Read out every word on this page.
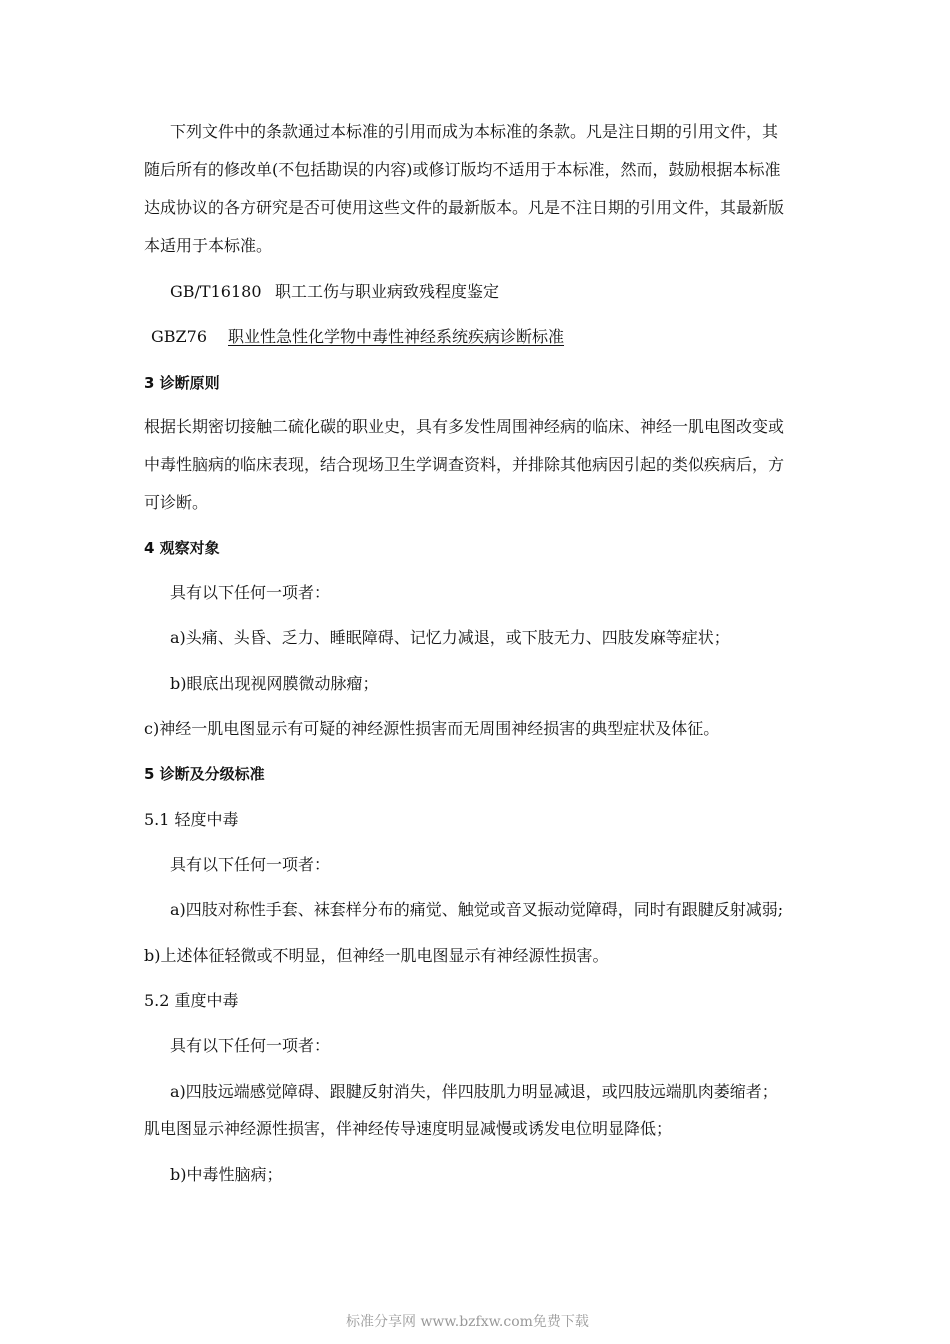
下列文件中的条款通过本标准的引用而成为本标准的条款。凡是注日期的引用文件，其
随后所有的修改单(不包括勘误的内容)或修订版均不适用于本标准，然而，鼓励根据本标准
达成协议的各方研究是否可使用这些文件的最新版本。凡是不注日期的引用文件，其最新版
本适用于本标准。
GB/T16180 职工工伤与职业病致残程度鉴定
GBZ76 职业性急性化学物中毒性神经系统疾病诊断标准
3 诊断原则
根据长期密切接触二硫化碳的职业史，具有多发性周围神经病的临床、神经一肌电图改变或
中毒性脑病的临床表现，结合现场卫生学调查资料，并排除其他病因引起的类似疾病后，方
可诊断。
4 观察对象
具有以下任何一项者：
a)头痛、头昏、乏力、睡眠障碍、记忆力减退，或下肢无力、四肢发麻等症状；
b)眼底出现视网膜微动脉瘤；
c)神经一肌电图显示有可疑的神经源性损害而无周围神经损害的典型症状及体征。
5 诊断及分级标准
5.1 轻度中毒
具有以下任何一项者：
a)四肢对称性手套、袜套样分布的痛觉、触觉或音叉振动觉障碍，同时有跟腱反射减弱;
b)上述体征轻微或不明显，但神经一肌电图显示有神经源性损害。
5.2 重度中毒
具有以下任何一项者：
a)四肢远端感觉障碍、跟腱反射消失，伴四肢肌力明显减退，或四肢远端肌肉萎缩者；
肌电图显示神经源性损害，伴神经传导速度明显减慢或诱发电位明显降低；
b)中毒性脑病；
标准分享网 www.bzfxw.com免费下载
